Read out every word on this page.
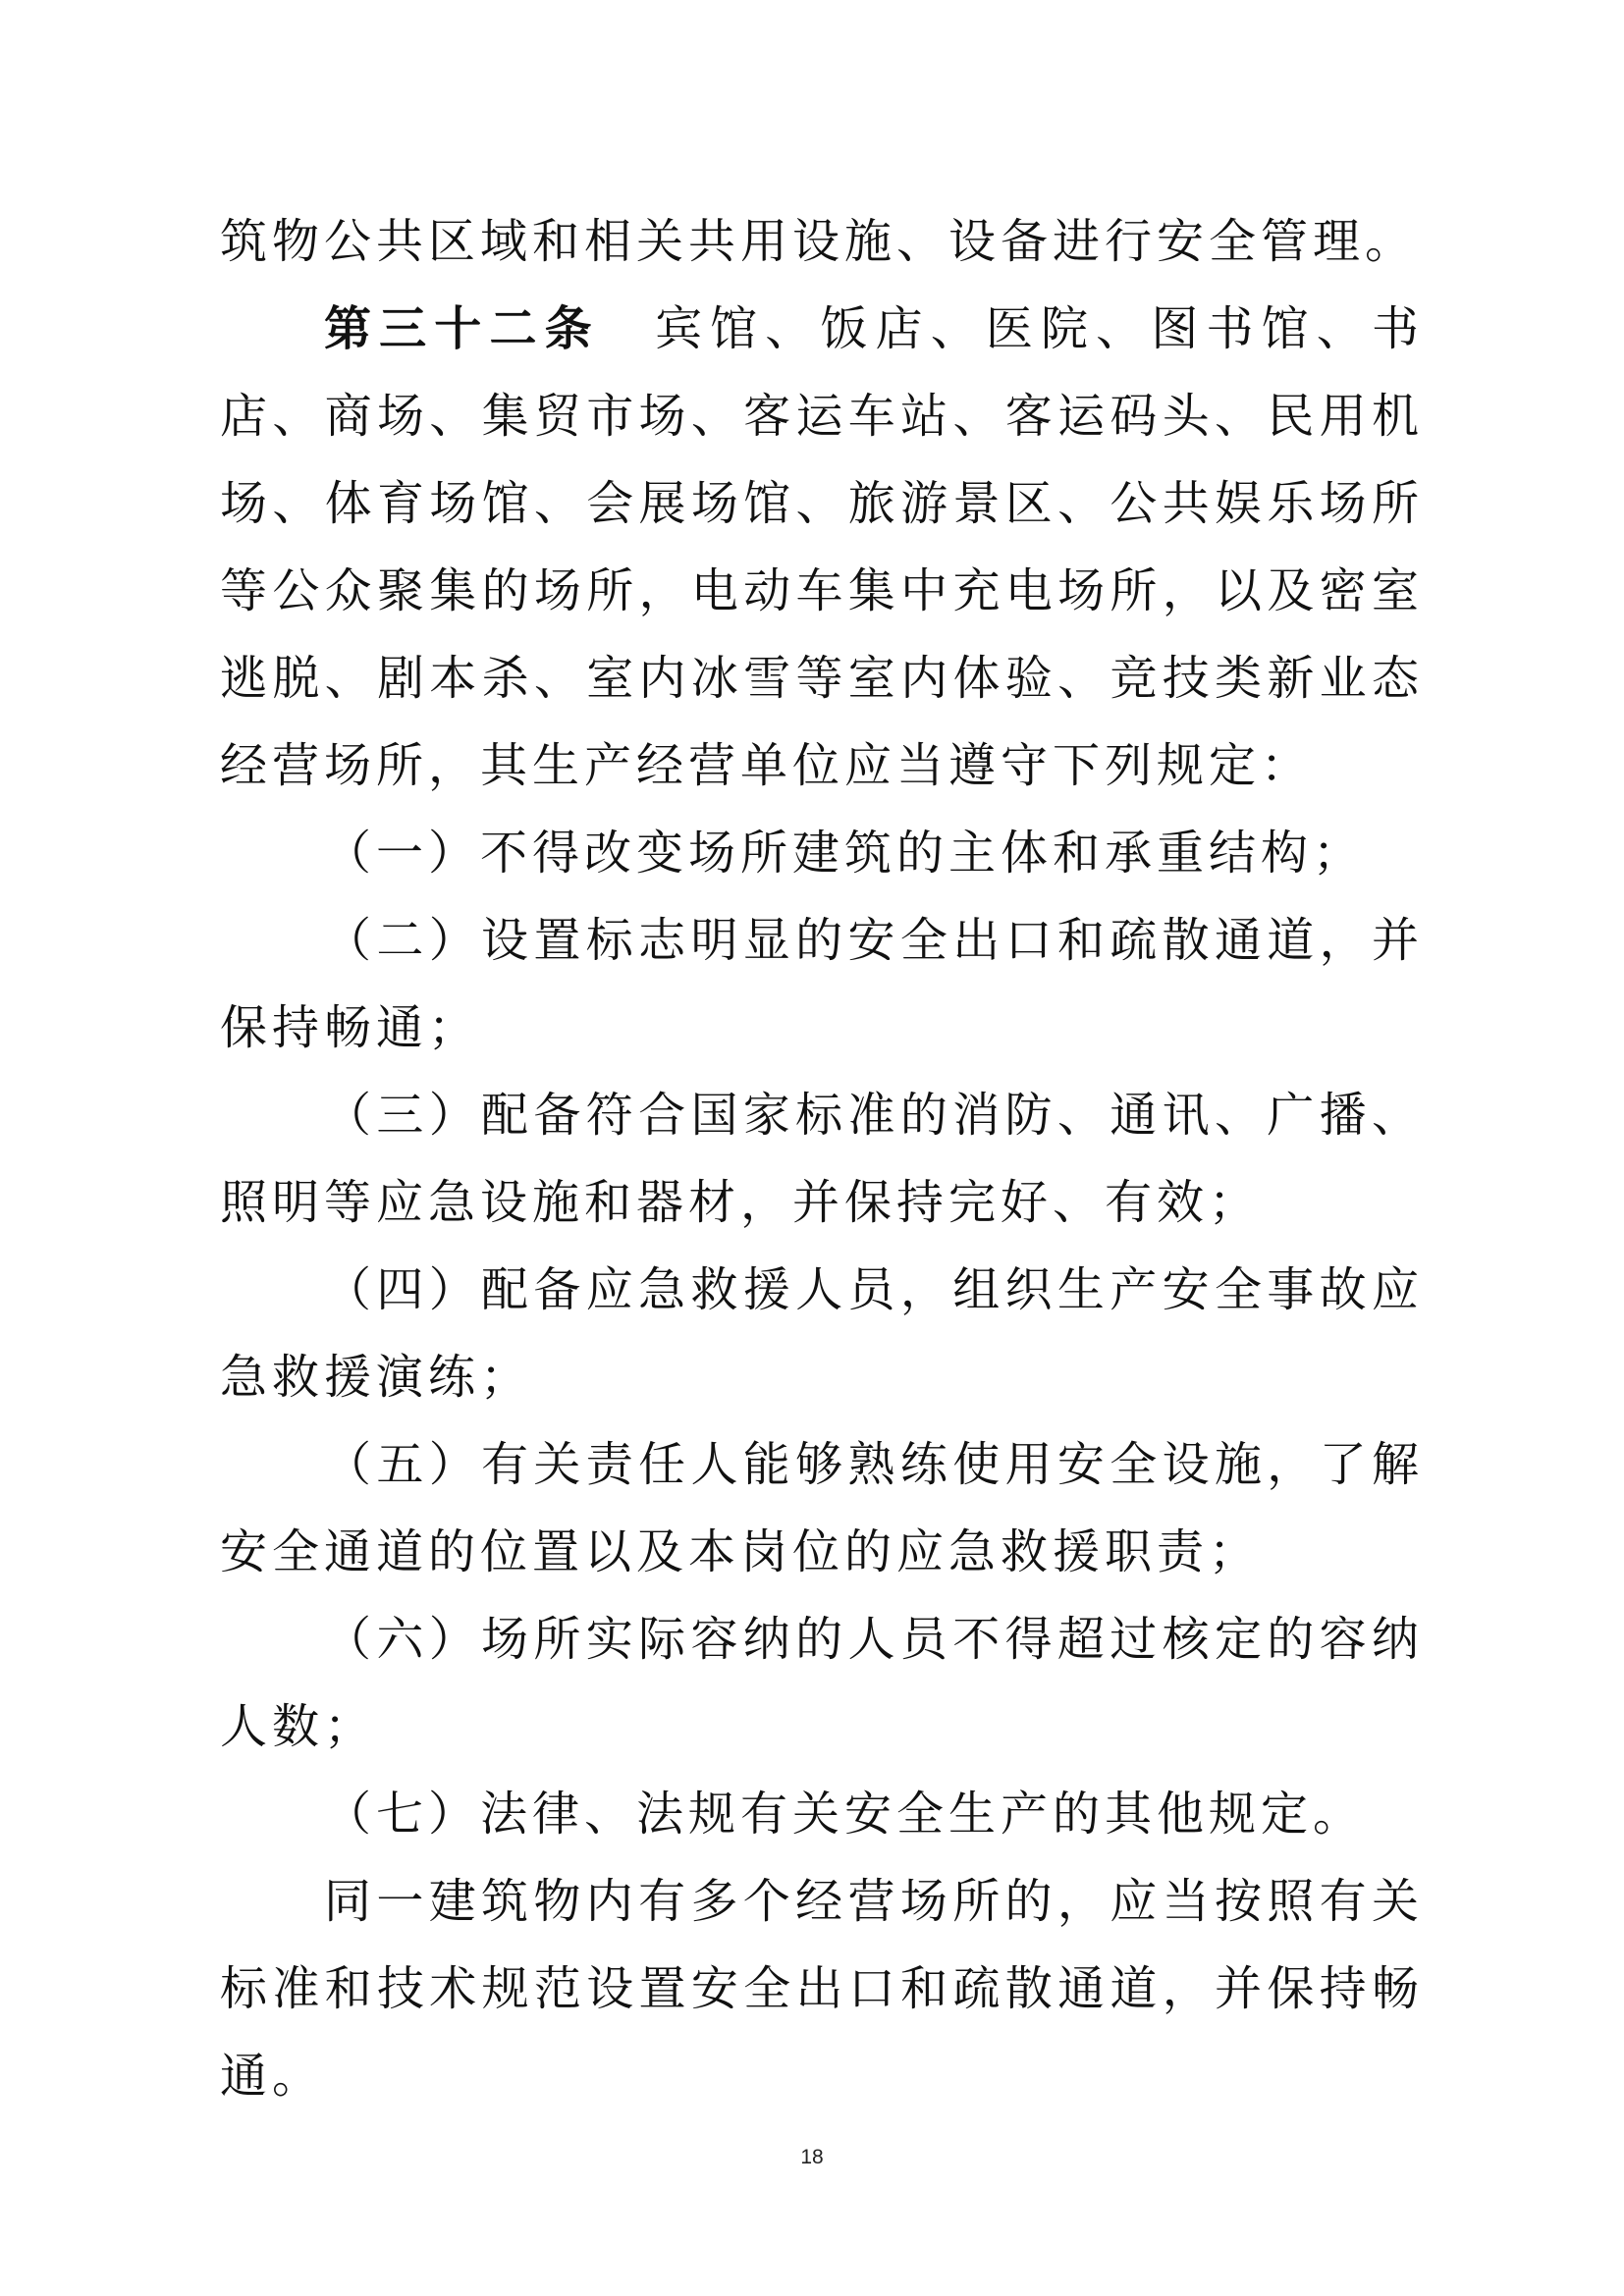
筑物公共区域和相关共用设施、设备进行安全管理。

第三十二条　 宾馆、饭店、医院、图书馆、书店、商场、集贸市场、客运车站、客运码头、民用机场、体育场馆、会展场馆、旅游景区、公共娱乐场所等公众聚集的场所，电动车集中充电场所，以及密室逃脱、剧本杀、室内冰雪等室内体验、竞技类新业态经营场所，其生产经营单位应当遵守下列规定：

（一）不得改变场所建筑的主体和承重结构；

（二）设置标志明显的安全出口和疏散通道，并保持畅通；

（三）配备符合国家标准的消防、通讯、广播、照明等应急设施和器材，并保持完好、有效；

（四）配备应急救援人员，组织生产安全事故应急救援演练；

（五）有关责任人能够熟练使用安全设施，了解安全通道的位置以及本岗位的应急救援职责；

（六）场所实际容纳的人员不得超过核定的容纳人数；

（七）法律、法规有关安全生产的其他规定。

同一建筑物内有多个经营场所的，应当按照有关标准和技术规范设置安全出口和疏散通道，并保持畅通。

18
